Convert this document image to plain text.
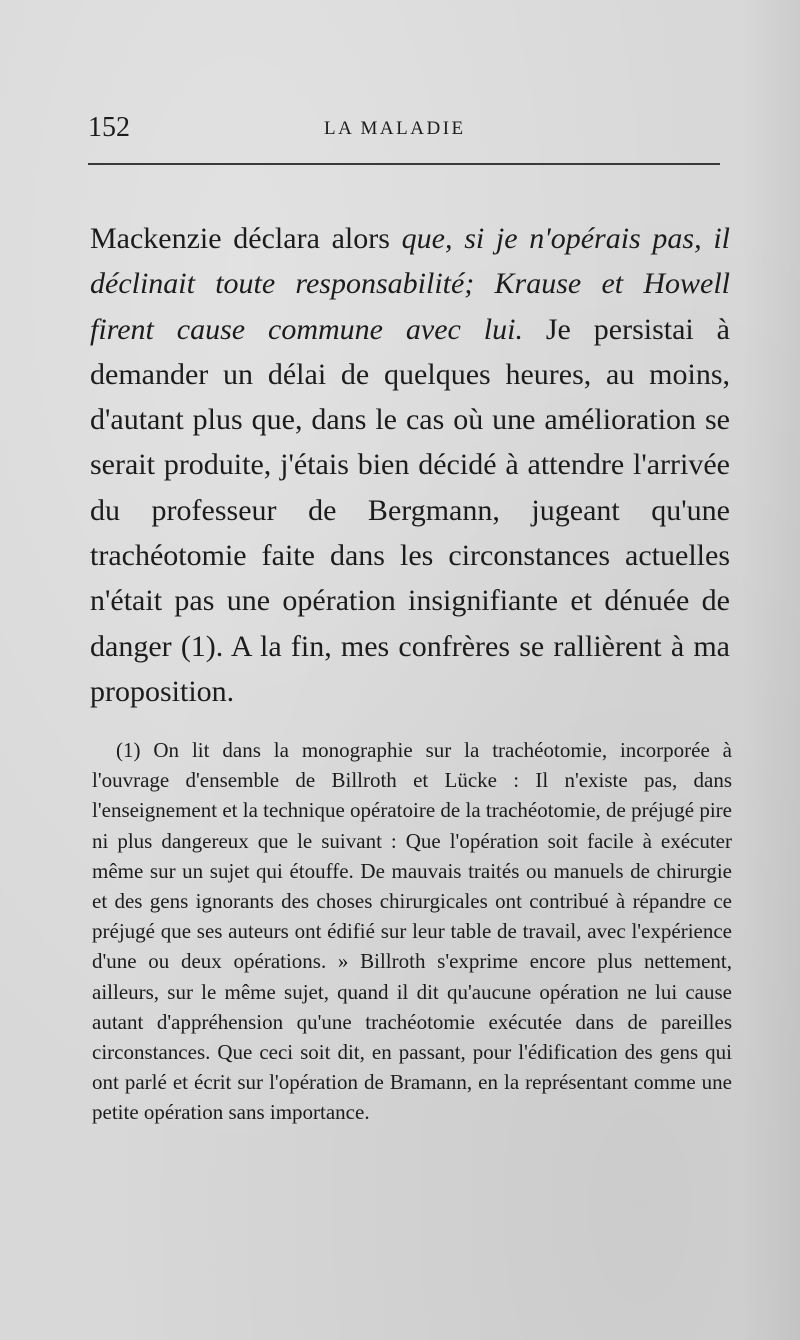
152	LA MALADIE

Mackenzie déclara alors que, si je n'opérais pas, il déclinait toute responsabilité; Krause et Howell firent cause commune avec lui. Je persistai à demander un délai de quelques heures, au moins, d'autant plus que, dans le cas où une amélioration se serait produite, j'étais bien décidé à attendre l'arrivée du professeur de Bergmann, jugeant qu'une trachéotomie faite dans les circonstances actuelles n'était pas une opération insignifiante et dénuée de danger (1). A la fin, mes confrères se rallièrent à ma proposition.

(1) On lit dans la monographie sur la trachéotomie, incorporée à l'ouvrage d'ensemble de Billroth et Lücke : Il n'existe pas, dans l'enseignement et la technique opératoire de la trachéotomie, de préjugé pire ni plus dangereux que le suivant : Que l'opération soit facile à exécuter même sur un sujet qui étouffe. De mauvais traités ou manuels de chirurgie et des gens ignorants des choses chirurgicales ont contribué à répandre ce préjugé que ses auteurs ont édifié sur leur table de travail, avec l'expérience d'une ou deux opérations. » Billroth s'exprime encore plus nettement, ailleurs, sur le même sujet, quand il dit qu'aucune opération ne lui cause autant d'appréhension qu'une trachéotomie exécutée dans de pareilles circonstances. Que ceci soit dit, en passant, pour l'édification des gens qui ont parlé et écrit sur l'opération de Bramann, en la représentant comme une petite opération sans importance.
